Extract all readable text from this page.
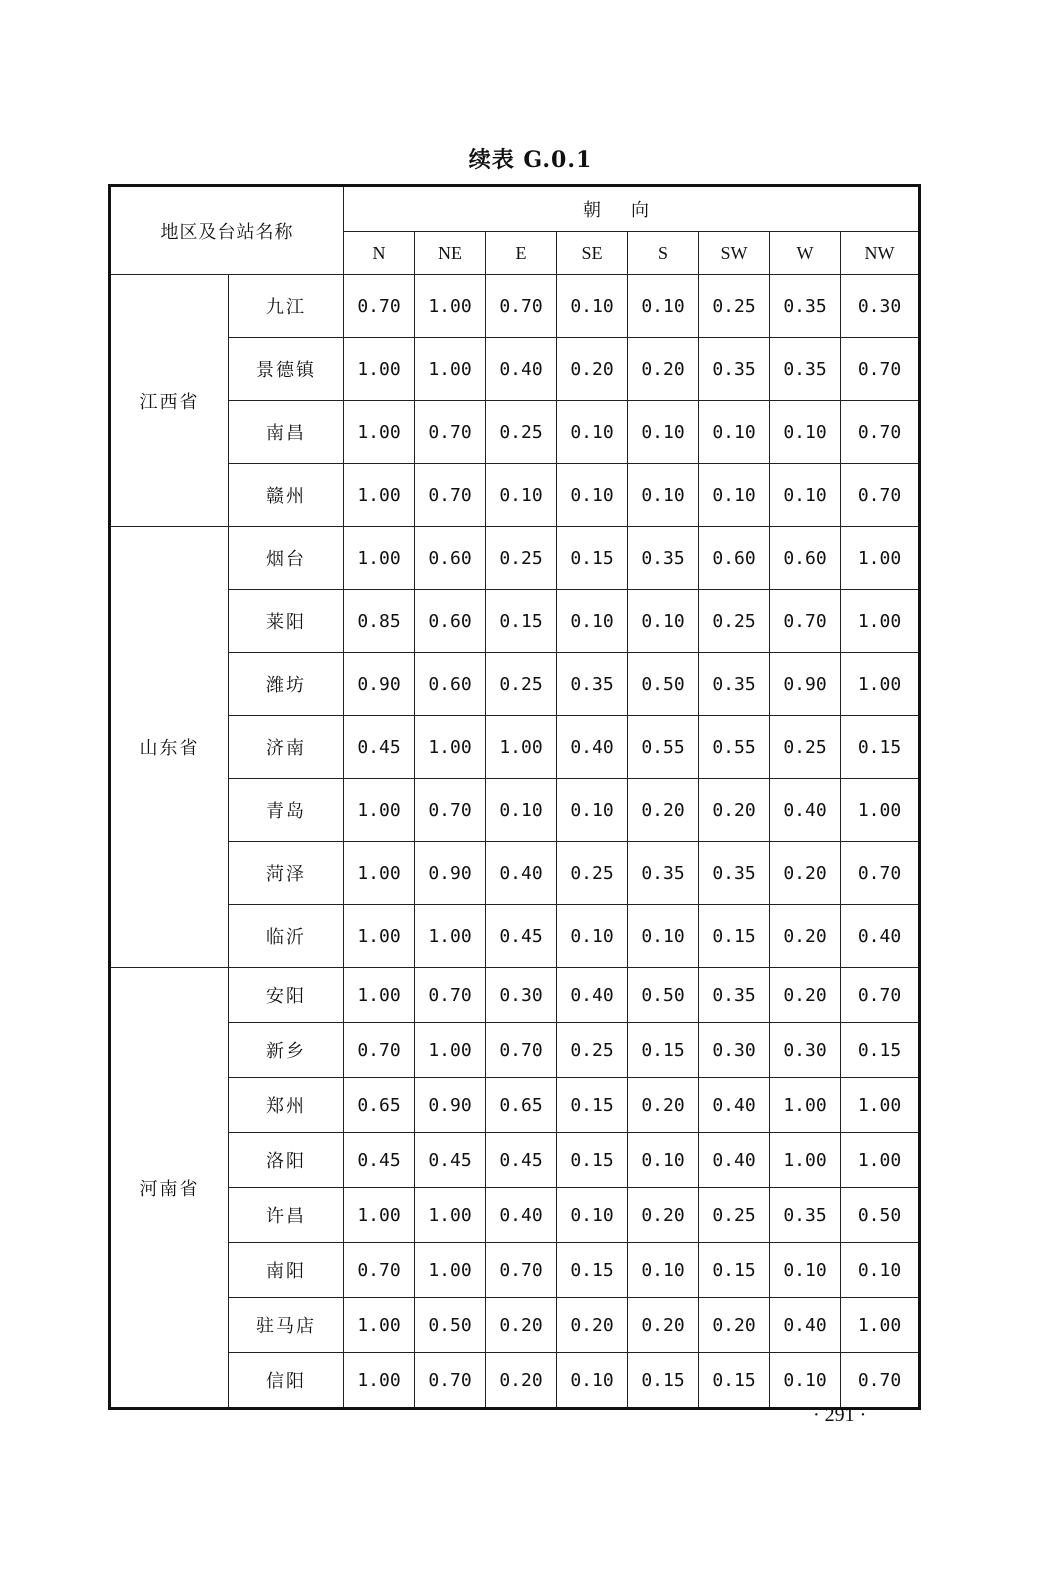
续表 G.0.1
地区及台站名称		朝向							
		N	NE	E	SE	S	SW	W	NW
江西省	九江	0.70	1.00	0.70	0.10	0.10	0.25	0.35	0.30
	景德镇	1.00	1.00	0.40	0.20	0.20	0.35	0.35	0.70
	南昌	1.00	0.70	0.25	0.10	0.10	0.10	0.10	0.70
	赣州	1.00	0.70	0.10	0.10	0.10	0.10	0.10	0.70
山东省	烟台	1.00	0.60	0.25	0.15	0.35	0.60	0.60	1.00
	莱阳	0.85	0.60	0.15	0.10	0.10	0.25	0.70	1.00
	潍坊	0.90	0.60	0.25	0.35	0.50	0.35	0.90	1.00
	济南	0.45	1.00	1.00	0.40	0.55	0.55	0.25	0.15
	青岛	1.00	0.70	0.10	0.10	0.20	0.20	0.40	1.00
	菏泽	1.00	0.90	0.40	0.25	0.35	0.35	0.20	0.70
	临沂	1.00	1.00	0.45	0.10	0.10	0.15	0.20	0.40
河南省	安阳	1.00	0.70	0.30	0.40	0.50	0.35	0.20	0.70
	新乡	0.70	1.00	0.70	0.25	0.15	0.30	0.30	0.15
	郑州	0.65	0.90	0.65	0.15	0.20	0.40	1.00	1.00
	洛阳	0.45	0.45	0.45	0.15	0.10	0.40	1.00	1.00
	许昌	1.00	1.00	0.40	0.10	0.20	0.25	0.35	0.50
	南阳	0.70	1.00	0.70	0.15	0.10	0.15	0.10	0.10
	驻马店	1.00	0.50	0.20	0.20	0.20	0.20	0.40	1.00
	信阳	1.00	0.70	0.20	0.10	0.15	0.15	0.10	0.70
· 291 ·
